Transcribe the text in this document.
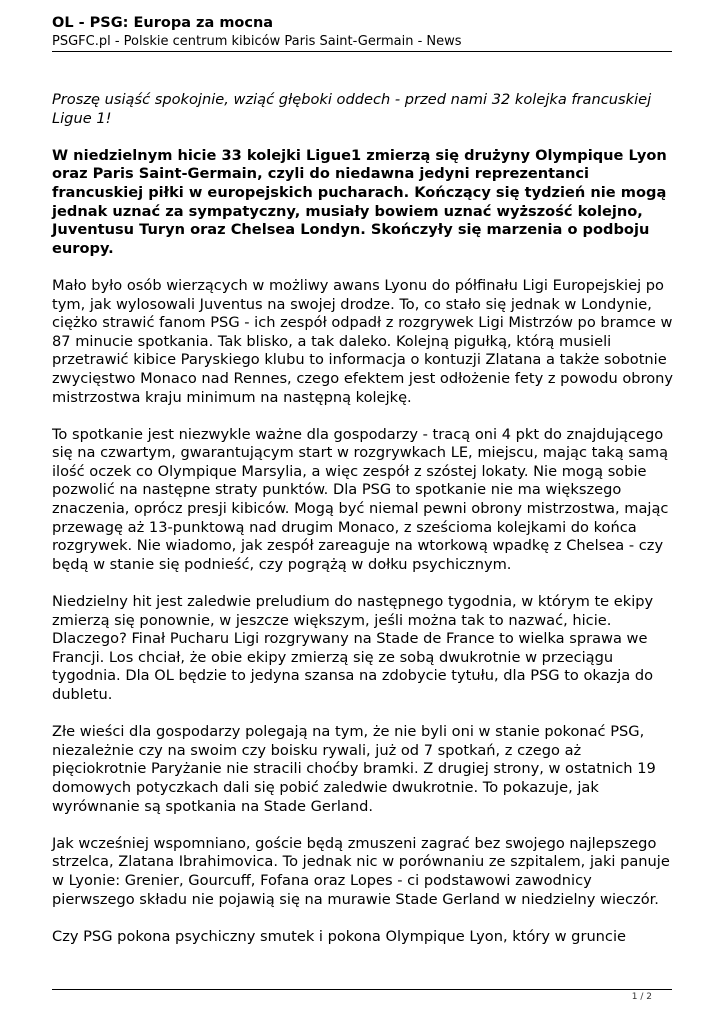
OL - PSG: Europa za mocna

PSGFC.pl - Polskie centrum kibiców Paris Saint-Germain - News

Proszę usiąść spokojnie, wziąć głęboki oddech - przed nami 32 kolejka francuskiej Ligue 1!

W niedzielnym hicie 33 kolejki Ligue1 zmierzą się drużyny Olympique Lyon oraz Paris Saint-Germain, czyli do niedawna jedyni reprezentanci francuskiej piłki w europejskich pucharach. Kończący się tydzień nie mogą jednak uznać za sympatyczny, musiały bowiem uznać wyższość kolejno, Juventusu Turyn oraz Chelsea Londyn. Skończyły się marzenia o podboju europy.

Mało było osób wierzących w możliwy awans Lyonu do półfinału Ligi Europejskiej po tym, jak wylosowali Juventus na swojej drodze. To, co stało się jednak w Londynie, ciężko strawić fanom PSG - ich zespół odpadł z rozgrywek Ligi Mistrzów po bramce w 87 minucie spotkania. Tak blisko, a tak daleko. Kolejną pigułką, którą musieli przetrawić kibice Paryskiego klubu to informacja o kontuzji Zlatana a także sobotnie zwycięstwo Monaco nad Rennes, czego efektem jest odłożenie fety z powodu obrony mistrzostwa kraju minimum na następną kolejkę.

To spotkanie jest niezwykle ważne dla gospodarzy - tracą oni 4 pkt do znajdującego się na czwartym, gwarantującym start w rozgrywkach LE, miejscu, mając taką samą ilość oczek co Olympique Marsylia, a więc zespół z szóstej lokaty. Nie mogą sobie pozwolić na następne straty punktów. Dla PSG to spotkanie nie ma większego znaczenia, oprócz presji kibiców. Mogą być niemal pewni obrony mistrzostwa, mając przewagę aż 13-punktową nad drugim Monaco, z sześcioma kolejkami do końca rozgrywek. Nie wiadomo, jak zespół zareaguje na wtorkową wpadkę z Chelsea - czy będą w stanie się podnieść, czy pogrążą w dołku psychicznym.

Niedzielny hit jest zaledwie preludium do następnego tygodnia, w którym te ekipy zmierzą się ponownie, w jeszcze większym, jeśli można tak to nazwać, hicie. Dlaczego? Finał Pucharu Ligi rozgrywany na Stade de France to wielka sprawa we Francji. Los chciał, że obie ekipy zmierzą się ze sobą dwukrotnie w przeciągu tygodnia. Dla OL będzie to jedyna szansa na zdobycie tytułu, dla PSG to okazja do dubletu.

Złe wieści dla gospodarzy polegają na tym, że nie byli oni w stanie pokonać PSG, niezależnie czy na swoim czy boisku rywali, już od 7 spotkań, z czego aż pięciokrotnie Paryżanie nie stracili choćby bramki. Z drugiej strony, w ostatnich 19 domowych potyczkach dali się pobić zaledwie dwukrotnie. To pokazuje, jak wyrównanie są spotkania na Stade Gerland.

Jak wcześniej wspomniano, goście będą zmuszeni zagrać bez swojego najlepszego strzelca, Zlatana Ibrahimovica. To jednak nic w porównaniu ze szpitalem, jaki panuje w Lyonie: Grenier, Gourcuff, Fofana oraz Lopes - ci podstawowi zawodnicy pierwszego składu nie pojawią się na murawie Stade Gerland w niedzielny wieczór.

Czy PSG pokona psychiczny smutek i pokona Olympique Lyon, który w gruncie

1 / 2
